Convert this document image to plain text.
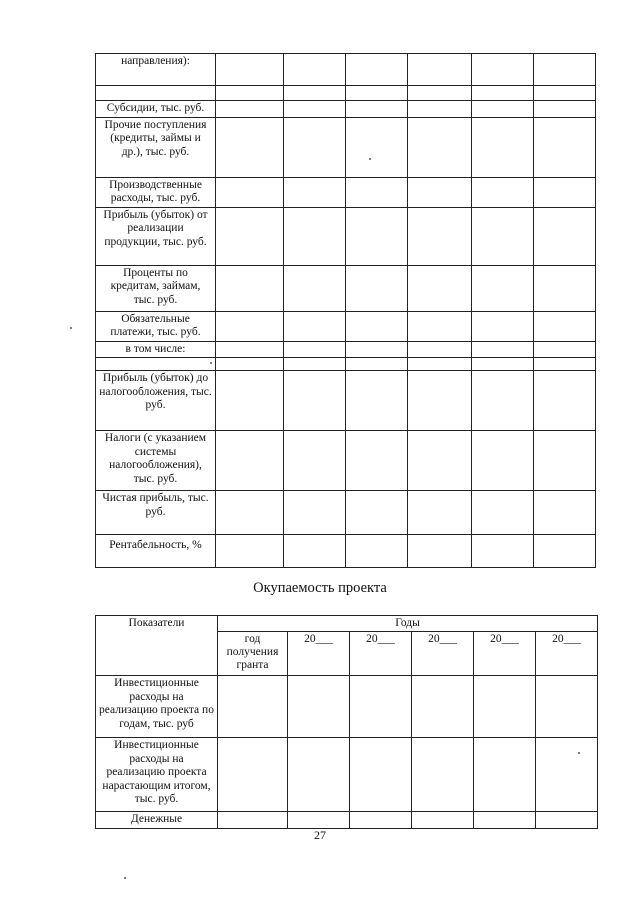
направления):						

Субсидии, тыс. руб.						
Прочие поступления (кредиты, займы и др.), тыс. руб.						
Производственные расходы, тыс. руб.						
Прибыль (убыток) от реализации продукции, тыс. руб.						
Проценты по кредитам, займам, тыс. руб.						
Обязательные платежи, тыс. руб.						
в том числе:						

Прибыль (убыток) до налогообложения, тыс. руб.						
Налоги (с указанием системы налогообложения), тыс. руб.						
Чистая прибыль, тыс. руб.						
Рентабельность, %						
Окупаемость проекта
Показатели	Годы					
	год получения гранта	20___	20___	20___	20___	20___
Инвестиционные расходы на реализацию проекта по годам, тыс. руб						
Инвестиционные расходы на реализацию проекта нарастающим итогом, тыс. руб.						
Денежные						
27
